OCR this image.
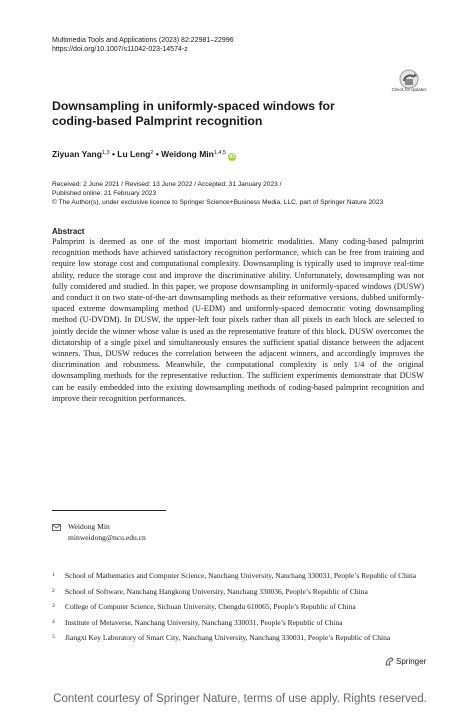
Multimedia Tools and Applications (2023) 82:22981–22996
https://doi.org/10.1007/s11042-023-14574-z
Check for updates
Downsampling in uniformly-spaced windows for coding-based Palmprint recognition
Ziyuan Yang$^{1,3}$ • Lu Leng$^2$ • Weidong Min$^{1,4,5}$iD
Received: 2 June 2021 / Revised: 13 June 2022 / Accepted: 31 January 2023 /
Published online: 21 February 2023
© The Author(s), under exclusive licence to Springer Science+Business Media, LLC, part of Springer Nature 2023
Abstract
Palmprint is deemed as one of the most important biometric modalities. Many coding-based palmprint recognition methods have achieved satisfactory recognition performance, which can be free from training and require low storage cost and computational complexity. Downsampling is typically used to improve real-time ability, reduce the storage cost and improve the discriminative ability. Unfortunately, downsampling was not fully considered and studied. In this paper, we propose downsampling in uniformly-spaced windows (DUSW) and conduct it on two state-of-the-art downsampling methods as their reformative versions, dubbed uniformly-spaced extreme downsampling method (U-EDM) and uniformly-spaced democratic voting downsampling method (U-DVDM). In DUSW, the upper-left four pixels rather than all pixels in each block are selected to jointly decide the winner whose value is used as the representative feature of this block. DUSW overcomes the dictatorship of a single pixel and simultaneously ensures the sufficient spatial distance between the adjacent winners. Thus, DUSW reduces the correlation between the adjacent winners, and accordingly improves the discrimination and robustness. Meanwhile, the computational complexity is only 1/4 of the original downsampling methods for the representative reduction. The sufficient experiments demonstrate that DUSW can be easily embedded into the existing downsampling methods of coding-based palmprint recognition and improve their recognition performances.
Weidong Min
minweidong@ncu.edu.cn
1 School of Mathematics and Computer Science, Nanchang University, Nanchang 330031, People’s Republic of China
2 School of Software, Nanchang Hangkong University, Nanchang 330036, People’s Republic of China
3 College of Computer Science, Sichuan University, Chengdu 610065, People’s Republic of China
4 Institute of Metaverse, Nanchang University, Nanchang 330031, People’s Republic of China
5 Jiangxi Key Laboratory of Smart City, Nanchang University, Nanchang 330031, People’s Republic of China
Springer
Content courtesy of Springer Nature, terms of use apply. Rights reserved.
